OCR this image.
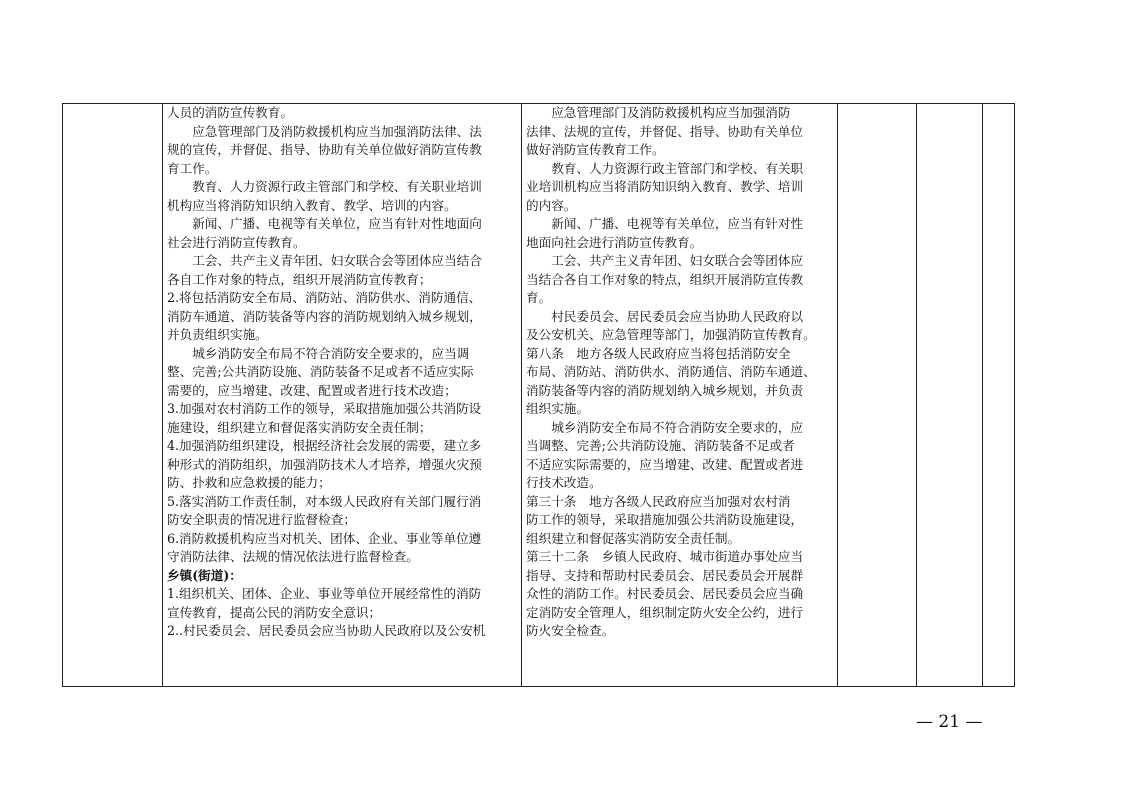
人员的消防宣传教育。

应急管理部门及消防救援机构应当加强消防法律、法

规的宣传，并督促、指导、协助有关单位做好消防宣传教

育工作。

教育、人力资源行政主管部门和学校、有关职业培训

机构应当将消防知识纳入教育、教学、培训的内容。

新闻、广播、电视等有关单位，应当有针对性地面向

社会进行消防宣传教育。

工会、共产主义青年团、妇女联合会等团体应当结合

各自工作对象的特点，组织开展消防宣传教育；

2.将包括消防安全布局、消防站、消防供水、消防通信、

消防车通道、消防装备等内容的消防规划纳入城乡规划，

并负责组织实施。

城乡消防安全布局不符合消防安全要求的，应当调

整、完善;公共消防设施、消防装备不足或者不适应实际

需要的，应当增建、改建、配置或者进行技术改造；

3.加强对农村消防工作的领导，采取措施加强公共消防设

施建设，组织建立和督促落实消防安全责任制；

4.加强消防组织建设，根据经济社会发展的需要，建立多

种形式的消防组织，加强消防技术人才培养，增强火灾预

防、扑救和应急救援的能力；

5.落实消防工作责任制，对本级人民政府有关部门履行消

防安全职责的情况进行监督检查；

6.消防救援机构应当对机关、团体、企业、事业等单位遵

守消防法律、法规的情况依法进行监督检查。

乡镇(街道)：

1.组织机关、团体、企业、事业等单位开展经常性的消防

宣传教育，提高公民的消防安全意识；

2..村民委员会、居民委员会应当协助人民政府以及公安机

应急管理部门及消防救援机构应当加强消防

法律、法规的宣传，并督促、指导、协助有关单位

做好消防宣传教育工作。

教育、人力资源行政主管部门和学校、有关职

业培训机构应当将消防知识纳入教育、教学、培训

的内容。

新闻、广播、电视等有关单位，应当有针对性

地面向社会进行消防宣传教育。

工会、共产主义青年团、妇女联合会等团体应

当结合各自工作对象的特点，组织开展消防宣传教

育。

村民委员会、居民委员会应当协助人民政府以

及公安机关、应急管理等部门，加强消防宣传教育。

第八条　地方各级人民政府应当将包括消防安全

布局、消防站、消防供水、消防通信、消防车通道、

消防装备等内容的消防规划纳入城乡规划，并负责

组织实施。

城乡消防安全布局不符合消防安全要求的，应

当调整、完善;公共消防设施、消防装备不足或者

不适应实际需要的，应当增建、改建、配置或者进

行技术改造。

第三十条　地方各级人民政府应当加强对农村消

防工作的领导，采取措施加强公共消防设施建设，

组织建立和督促落实消防安全责任制。

第三十二条　乡镇人民政府、城市街道办事处应当

指导、支持和帮助村民委员会、居民委员会开展群

众性的消防工作。村民委员会、居民委员会应当确

定消防安全管理人，组织制定防火安全公约，进行

防火安全检查。

— 21 —
